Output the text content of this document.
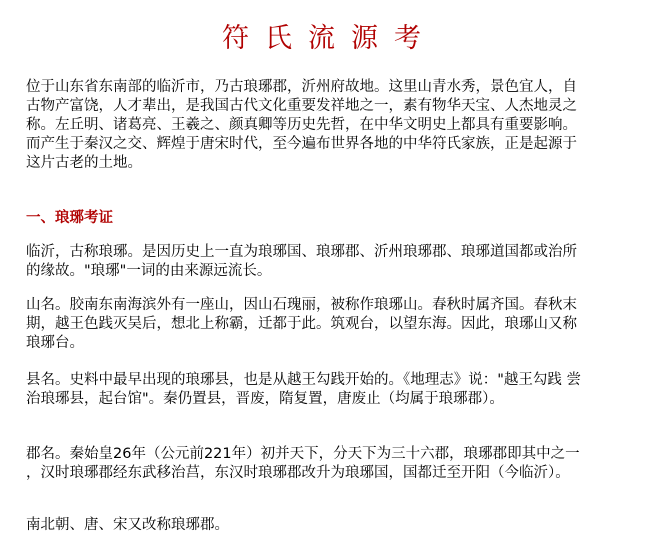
符氏流源考

位于山东省东南部的临沂市，乃古琅琊郡，沂州府故地。这里山青水秀，景色宜人，自 古物产富饶，人才辈出，是我国古代文化重要发祥地之一，素有物华天宝、人杰地灵之 称。左丘明、诸葛亮、王羲之、颜真卿等历史先哲，在中华文明史上都具有重要影响。 而产生于秦汉之交、辉煌于唐宋时代，至今遍布世界各地的中华符氏家族，正是起源于 这片古老的土地。

一、琅琊考证

临沂，古称琅琊。是因历史上一直为琅琊国、琅琊郡、沂州琅琊郡、琅琊道国都或治所 的缘故。"琅琊"一词的由来源远流长。

山名。胶南东南海滨外有一座山，因山石瑰丽，被称作琅琊山。春秋时属齐国。春秋末 期，越王色践灭吴后，想北上称霸，迁都于此。筑观台，以望东海。因此，琅琊山又称 琅琊台。

县名。史料中最早出现的琅琊县，也是从越王勾践开始的。《地理志》说："越王勾践 尝治琅琊县，起台馆"。秦仍置县，晋废，隋复置，唐废止（均属于琅琊郡）。

郡名。秦始皇26年（公元前221年）初并天下，分天下为三十六郡，琅琊郡即其中之一 ，汉时琅琊郡经东武移治莒，东汉时琅琊郡改升为琅琊国，国都迁至开阳（今临沂）。

南北朝、唐、宋又改称琅琊郡。
